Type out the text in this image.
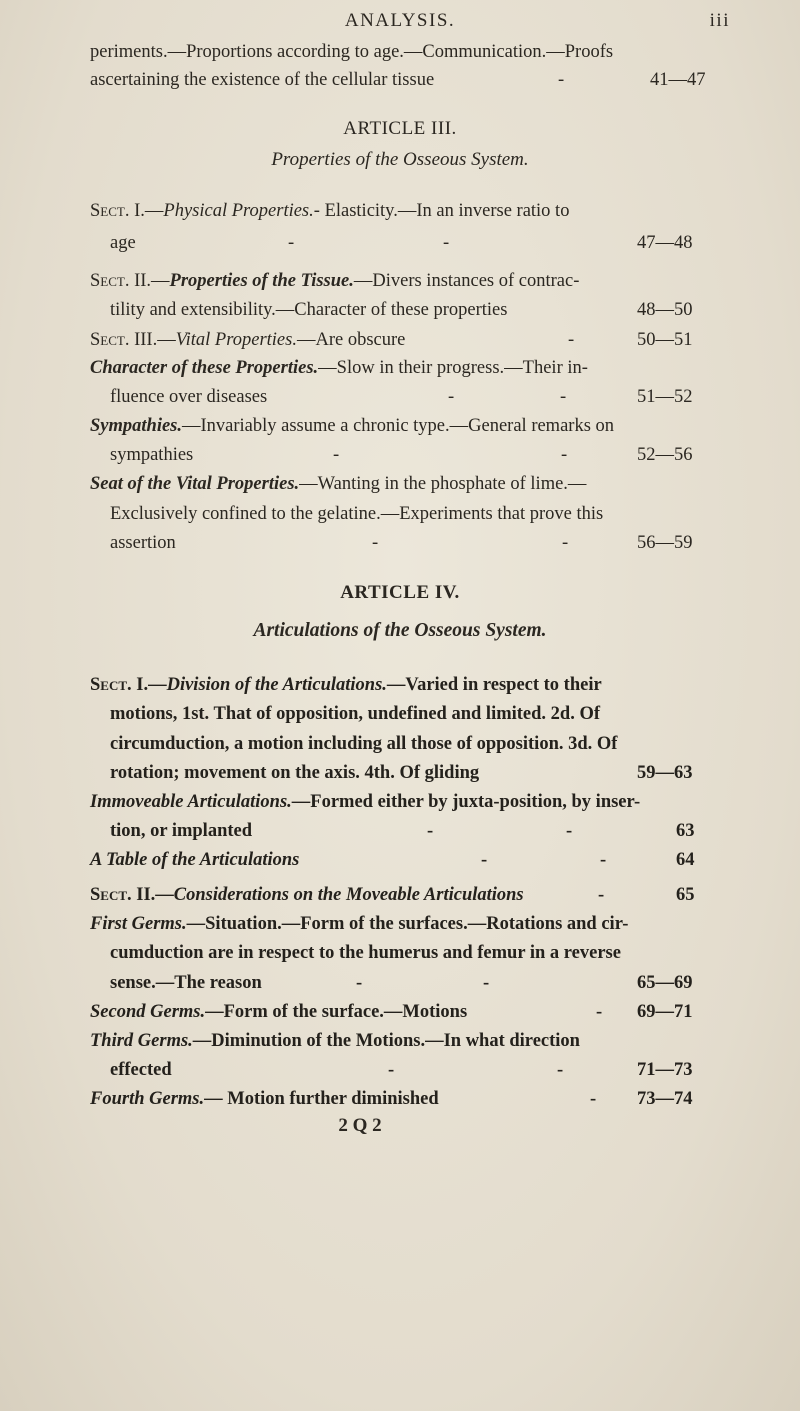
ANALYSIS.	iii
periments.—Proportions according to age.—Communication.—Proofs
ascertaining the existence of the cellular tissue	-	41—47
ARTICLE III.
Properties of the Osseous System.
Sect. I.—Physical Properties.- Elasticity.—In an inverse ratio to
age	-	-	47—48
Sect. II.—Properties of the Tissue.—Divers instances of contrac-
tility and extensibility.—Character of these properties	48—50
Sect. III.—Vital Properties.—Are obscure	-	50—51
Character of these Properties.—Slow in their progress.—Their in-
fluence over diseases	-	-	51—52
Sympathies.—Invariably assume a chronic type.—General remarks on
sympathies	-	-	52—56
Seat of the Vital Properties.—Wanting in the phosphate of lime.—
Exclusively confined to the gelatine.—Experiments that prove this
assertion	-	-	56—59
ARTICLE IV.
Articulations of the Osseous System.
Sect. I.—Division of the Articulations.—Varied in respect to their
motions, 1st. That of opposition, undefined and limited. 2d. Of
circumduction, a motion including all those of opposition. 3d. Of
rotation; movement on the axis. 4th. Of gliding	59—63
Immoveable Articulations.—Formed either by juxta-position, by inser-
tion, or implanted	-	-	63
A Table of the Articulations	-	-	64
Sect. II.—Considerations on the Moveable Articulations	-	65
First Germs.—Situation.—Form of the surfaces.—Rotations and cir-
cumduction are in respect to the humerus and femur in a reverse
sense.—The reason	-	-	65—69
Second Germs.—Form of the surface.—Motions	- 69—71
Third Germs.—Diminution of the Motions.—In what direction
effected	-	-	71—73
Fourth Germs.— Motion further diminished	- 73—74
2 Q 2
